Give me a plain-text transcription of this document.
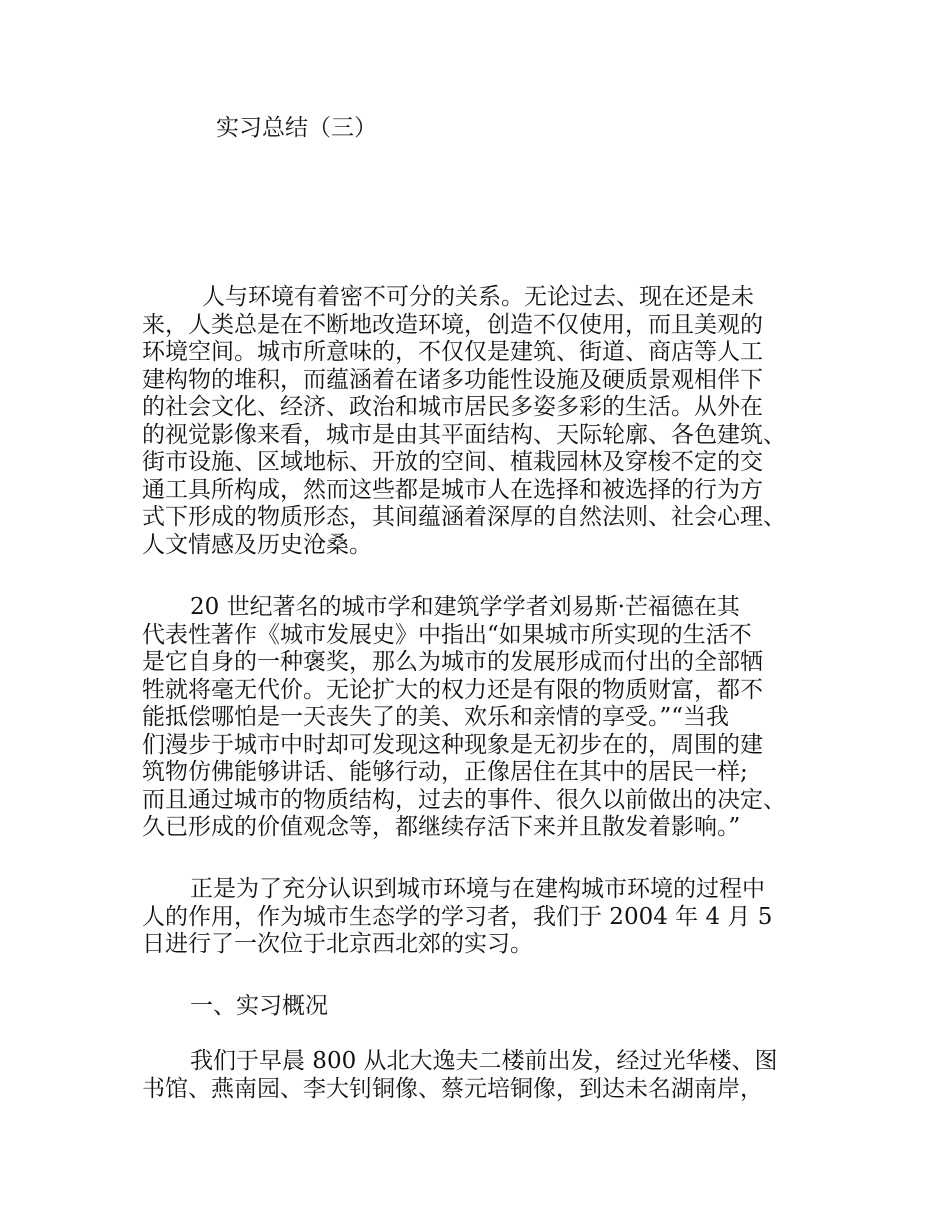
实习总结（三）
人与环境有着密不可分的关系。无论过去、现在还是未
来，人类总是在不断地改造环境，创造不仅使用，而且美观的
环境空间。城市所意味的，不仅仅是建筑、街道、商店等人工
建构物的堆积，而蕴涵着在诸多功能性设施及硬质景观相伴下
的社会文化、经济、政治和城市居民多姿多彩的生活。从外在
的视觉影像来看，城市是由其平面结构、天际轮廓、各色建筑、
街市设施、区域地标、开放的空间、植栽园林及穿梭不定的交
通工具所构成，然而这些都是城市人在选择和被选择的行为方
式下形成的物质形态，其间蕴涵着深厚的自然法则、社会心理、
人文情感及历史沧桑。
20 世纪著名的城市学和建筑学学者刘易斯·芒福德在其
代表性著作《城市发展史》中指出“如果城市所实现的生活不
是它自身的一种褒奖，那么为城市的发展形成而付出的全部牺
牲就将毫无代价。无论扩大的权力还是有限的物质财富，都不
能抵偿哪怕是一天丧失了的美、欢乐和亲情的享受。”“当我
们漫步于城市中时却可发现这种现象是无初步在的，周围的建
筑物仿佛能够讲话、能够行动，正像居住在其中的居民一样;
而且通过城市的物质结构，过去的事件、很久以前做出的决定、
久已形成的价值观念等，都继续存活下来并且散发着影响。”
正是为了充分认识到城市环境与在建构城市环境的过程中
人的作用，作为城市生态学的学习者，我们于 2004 年 4 月 5
日进行了一次位于北京西北郊的实习。
一、实习概况
我们于早晨 800 从北大逸夫二楼前出发，经过光华楼、图
书馆、燕南园、李大钊铜像、蔡元培铜像，到达未名湖南岸，
